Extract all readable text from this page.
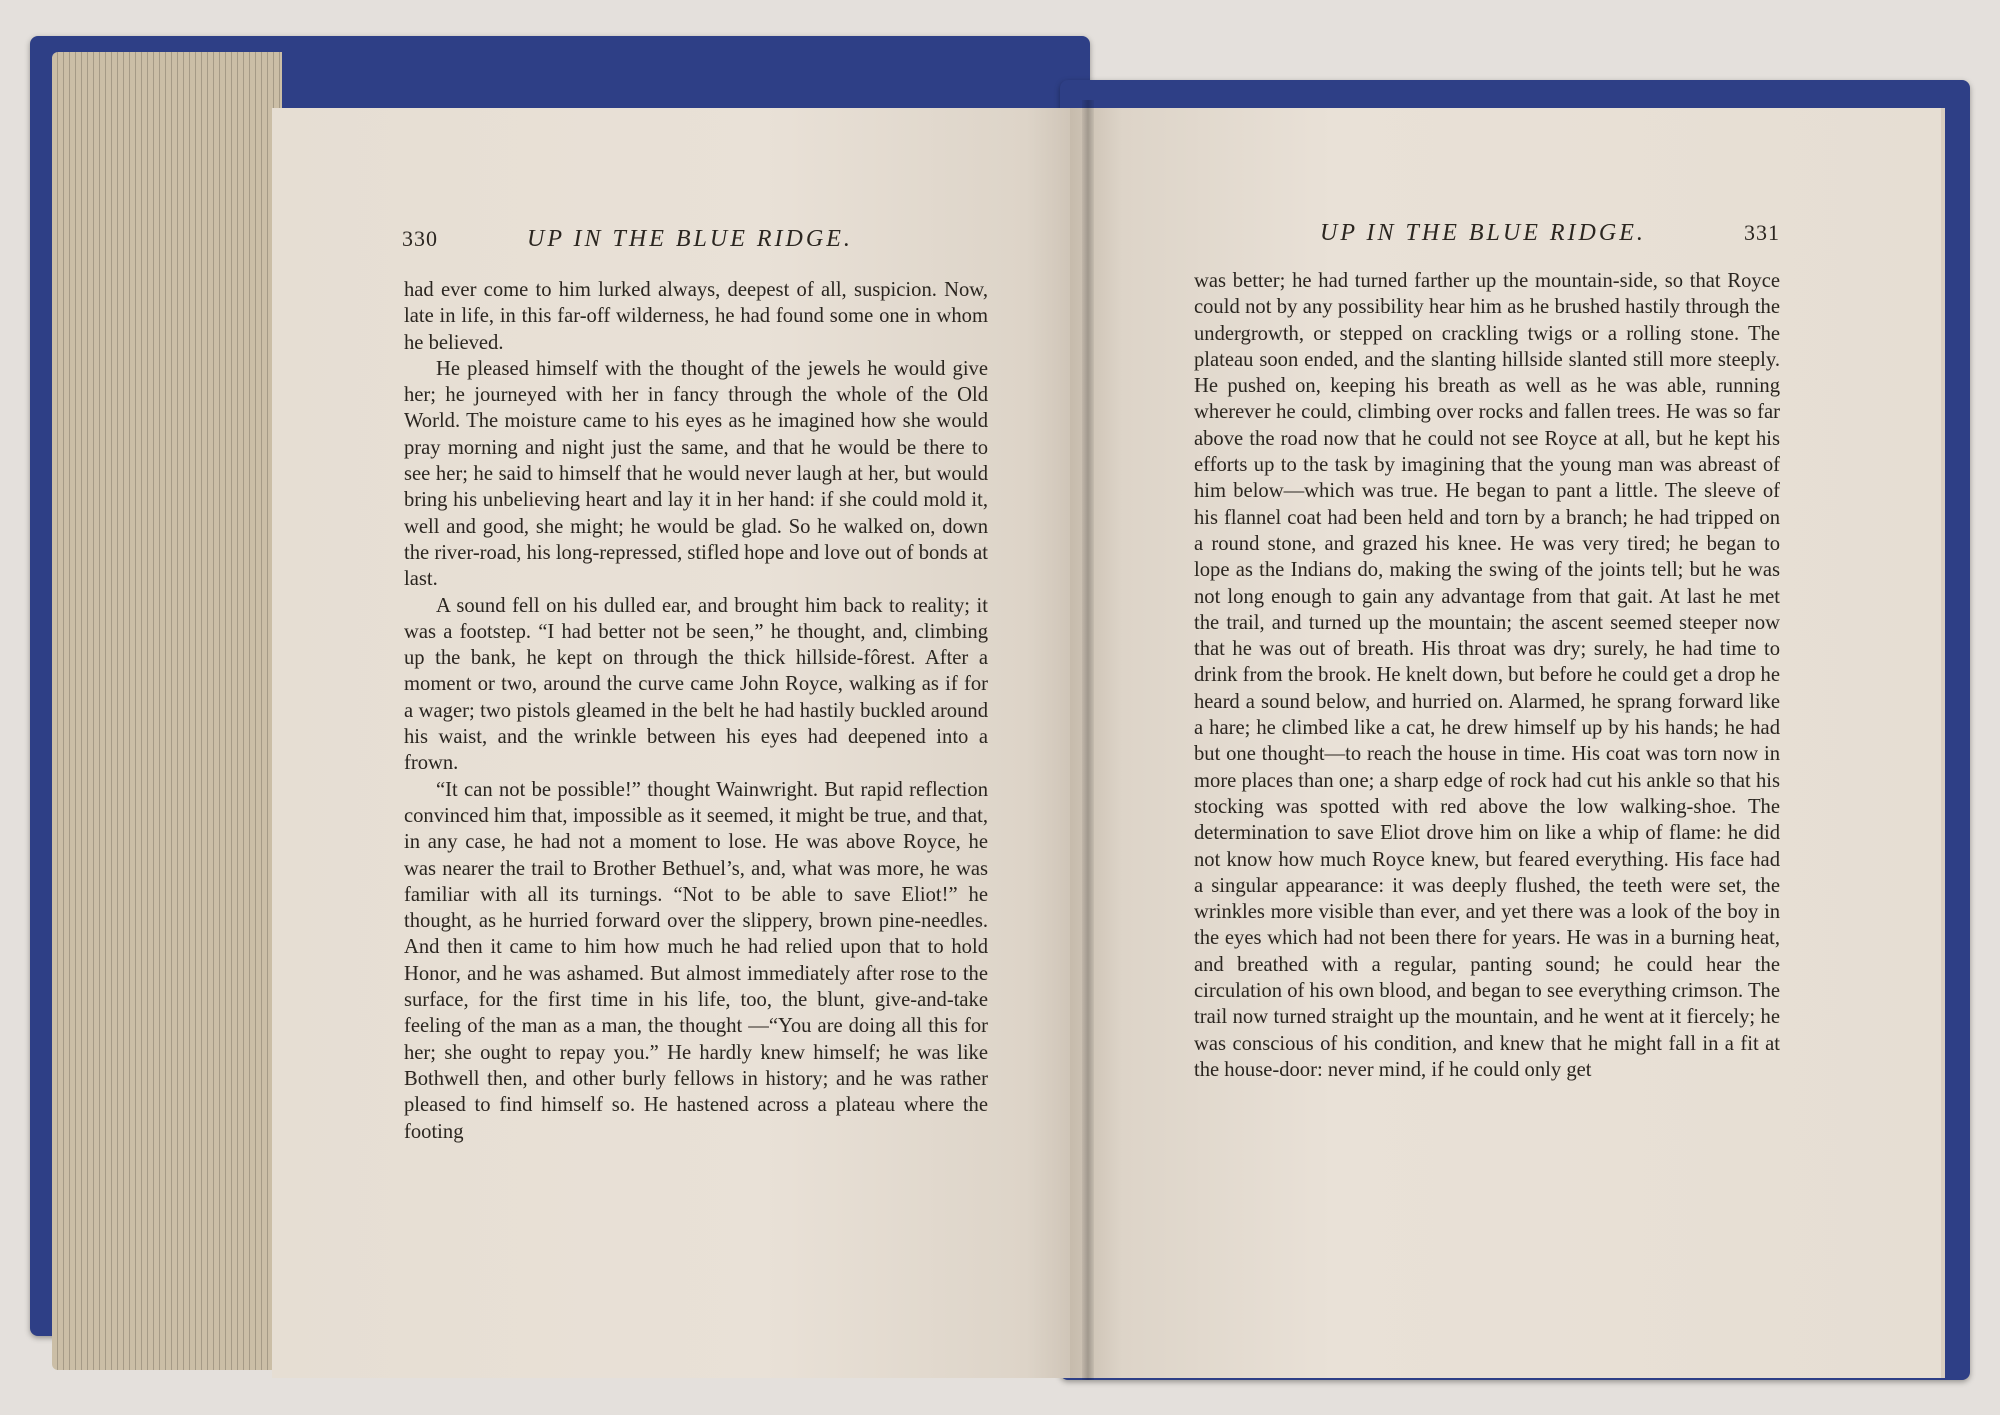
330	UP IN THE BLUE RIDGE.

had ever come to him lurked always, deepest of all, suspicion. Now, late in life, in this far-off wilderness, he had found some one in whom he believed.

He pleased himself with the thought of the jewels he would give her; he journeyed with her in fancy through the whole of the Old World. The moisture came to his eyes as he imagined how she would pray morning and night just the same, and that he would be there to see her; he said to himself that he would never laugh at her, but would bring his unbelieving heart and lay it in her hand: if she could mold it, well and good, she might; he would be glad. So he walked on, down the river-road, his long-repressed, stifled hope and love out of bonds at last.

A sound fell on his dulled ear, and brought him back to reality; it was a footstep. “I had better not be seen,” he thought, and, climbing up the bank, he kept on through the thick hillside-fôrest. After a moment or two, around the curve came John Royce, walking as if for a wager; two pistols gleamed in the belt he had hastily buckled around his waist, and the wrinkle between his eyes had deepened into a frown.

“It can not be possible!” thought Wainwright. But rapid reflection convinced him that, impossible as it seemed, it might be true, and that, in any case, he had not a moment to lose. He was above Royce, he was nearer the trail to Brother Bethuel’s, and, what was more, he was familiar with all its turnings. “Not to be able to save Eliot!” he thought, as he hurried forward over the slippery, brown pine-needles. And then it came to him how much he had relied upon that to hold Honor, and he was ashamed. But almost immediately after rose to the surface, for the first time in his life, too, the blunt, give-and-take feeling of the man as a man, the thought —“You are doing all this for her; she ought to repay you.” He hardly knew himself; he was like Bothwell then, and other burly fellows in history; and he was rather pleased to find himself so. He hastened across a plateau where the footing

UP IN THE BLUE RIDGE.	331

was better; he had turned farther up the mountain-side, so that Royce could not by any possibility hear him as he brushed hastily through the undergrowth, or stepped on crackling twigs or a rolling stone. The plateau soon ended, and the slanting hillside slanted still more steeply. He pushed on, keeping his breath as well as he was able, running wherever he could, climbing over rocks and fallen trees. He was so far above the road now that he could not see Royce at all, but he kept his efforts up to the task by imagining that the young man was abreast of him below—which was true. He began to pant a little. The sleeve of his flannel coat had been held and torn by a branch; he had tripped on a round stone, and grazed his knee. He was very tired; he began to lope as the Indians do, making the swing of the joints tell; but he was not long enough to gain any advantage from that gait. At last he met the trail, and turned up the mountain; the ascent seemed steeper now that he was out of breath. His throat was dry; surely, he had time to drink from the brook. He knelt down, but before he could get a drop he heard a sound below, and hurried on. Alarmed, he sprang forward like a hare; he climbed like a cat, he drew himself up by his hands; he had but one thought—to reach the house in time. His coat was torn now in more places than one; a sharp edge of rock had cut his ankle so that his stocking was spotted with red above the low walking-shoe. The determination to save Eliot drove him on like a whip of flame: he did not know how much Royce knew, but feared everything. His face had a singular appearance: it was deeply flushed, the teeth were set, the wrinkles more visible than ever, and yet there was a look of the boy in the eyes which had not been there for years. He was in a burning heat, and breathed with a regular, panting sound; he could hear the circulation of his own blood, and began to see everything crimson. The trail now turned straight up the mountain, and he went at it fiercely; he was conscious of his condition, and knew that he might fall in a fit at the house-door: never mind, if he could only get
